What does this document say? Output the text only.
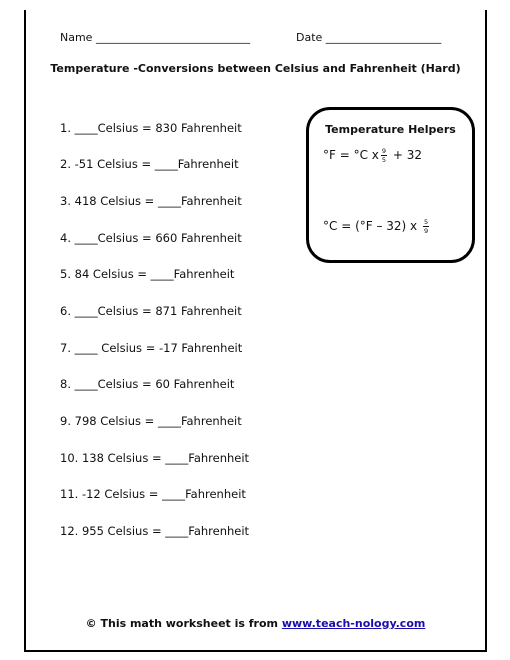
Name ____________________________	Date _____________________
Temperature -Conversions between Celsius and Fahrenheit (Hard)
1. ____Celsius = 830 Fahrenheit
2. -51 Celsius = ____Fahrenheit
3. 418 Celsius = ____Fahrenheit
4. ____Celsius = 660 Fahrenheit
5. 84 Celsius = ____Fahrenheit
6. ____Celsius = 871 Fahrenheit
7. ____ Celsius = -17 Fahrenheit
8. ____Celsius = 60 Fahrenheit
9. 798 Celsius = ____Fahrenheit
10. 138 Celsius = ____Fahrenheit
11. -12 Celsius = ____Fahrenheit
12. 955 Celsius = ____Fahrenheit
Temperature Helpers
°F = °C x $\frac{9}{5} + 32$
°C = (°F – 32) x $\frac{5}{9}$
© This math worksheet is from www.teach-nology.com
